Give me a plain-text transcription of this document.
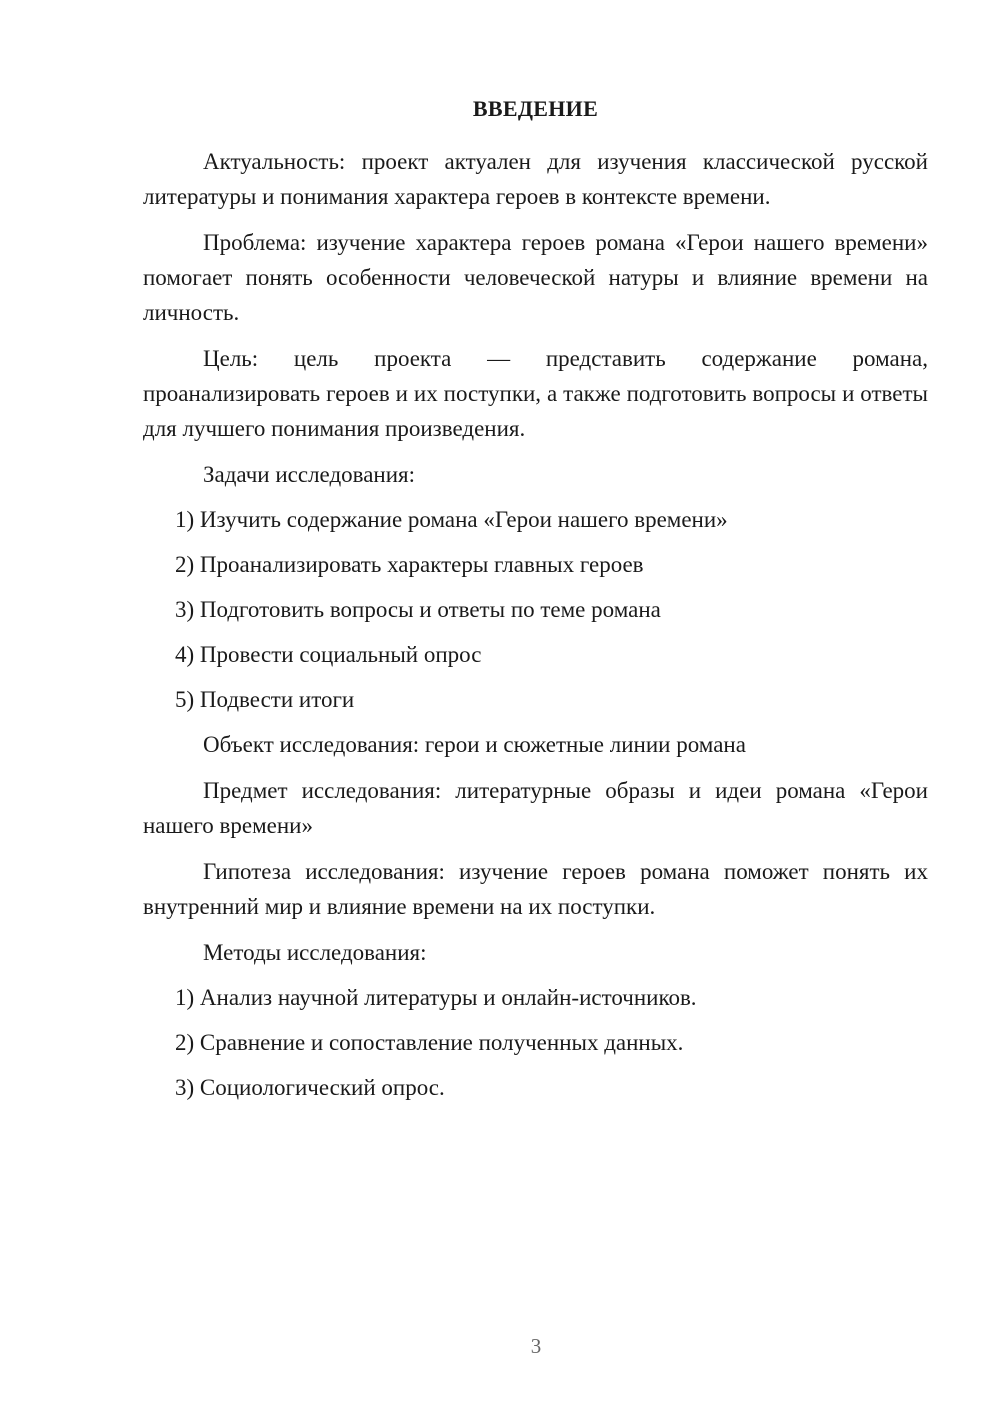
ВВЕДЕНИЕ

Актуальность: проект актуален для изучения классической русской литературы и понимания характера героев в контексте времени.

Проблема: изучение характера героев романа «Герои нашего времени» помогает понять особенности человеческой натуры и влияние времени на личность.

Цель: цель проекта — представить содержание романа, проанализировать героев и их поступки, а также подготовить вопросы и ответы для лучшего понимания произведения.

Задачи исследования:
1) Изучить содержание романа «Герои нашего времени»
2) Проанализировать характеры главных героев
3) Подготовить вопросы и ответы по теме романа
4) Провести социальный опрос
5) Подвести итоги

Объект исследования: герои и сюжетные линии романа

Предмет исследования: литературные образы и идеи романа «Герои нашего времени»

Гипотеза исследования: изучение героев романа поможет понять их внутренний мир и влияние времени на их поступки.

Методы исследования:
1) Анализ научной литературы и онлайн-источников.
2) Сравнение и сопоставление полученных данных.
3) Социологический опрос.
3
